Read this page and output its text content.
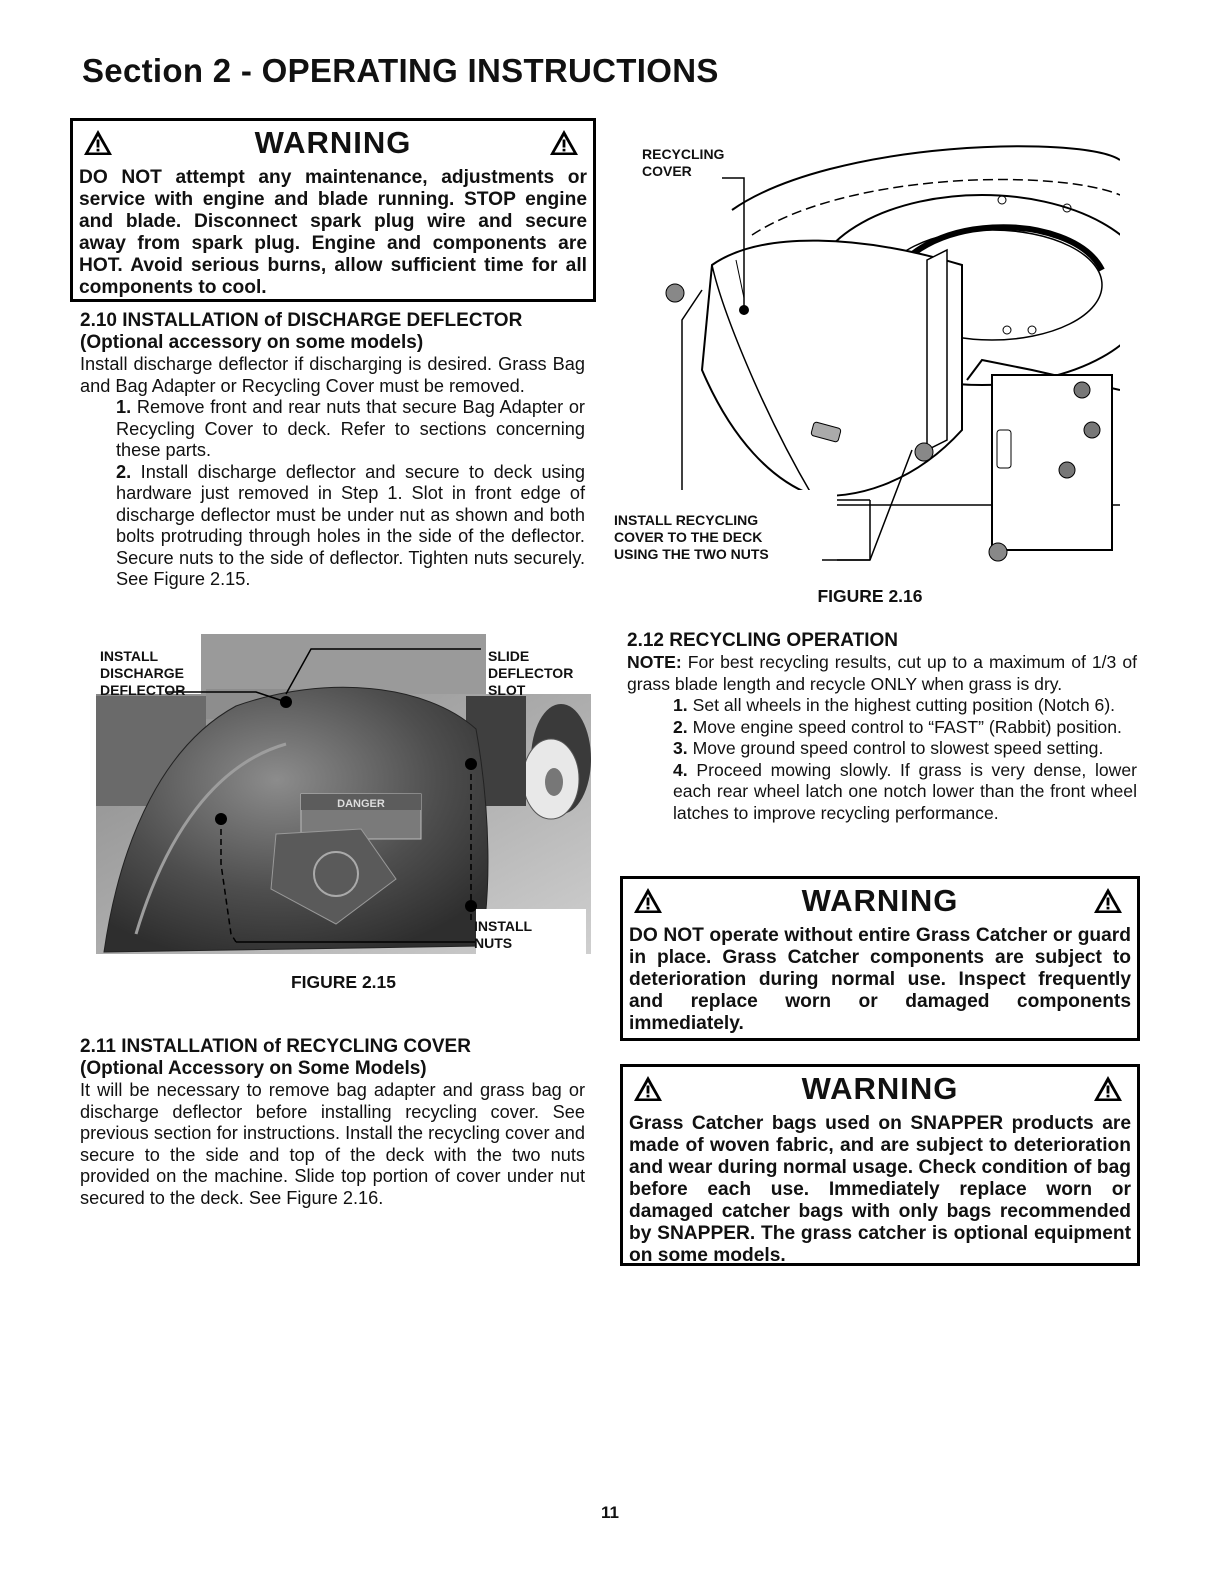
Section 2 - OPERATING INSTRUCTIONS
WARNING
DO NOT attempt any maintenance, adjustments or service with engine and blade running. STOP engine and blade. Disconnect spark plug wire and secure away from spark plug. Engine and components are HOT. Avoid serious burns, allow sufficient time for all components to cool.
2.10 INSTALLATION of DISCHARGE DEFLECTOR
(Optional accessory on some models)
Install discharge deflector if discharging is desired. Grass Bag and Bag Adapter or Recycling Cover must be removed.
1. Remove front and rear nuts that secure Bag Adapter or Recycling Cover to deck. Refer to sections concerning these parts.
2. Install discharge deflector and secure to deck using hardware just removed in Step 1. Slot in front edge of discharge deflector must be under nut as shown and both bolts protruding through holes in the side of the deflector. Secure nuts to the side of deflector. Tighten nuts securely. See Figure 2.15.
DANGER
INSTALL
DISCHARGE
DEFLECTOR
SLIDE
DEFLECTOR
SLOT
INSTALL
NUTS
FIGURE 2.15
2.11 INSTALLATION of RECYCLING COVER
(Optional Accessory on Some Models)
It will be necessary to remove bag adapter and grass bag or discharge deflector before installing recycling cover. See previous section for instructions. Install the recycling cover and secure to the side and top of the deck with the two nuts provided on the machine. Slide top portion of cover under nut secured to the deck. See Figure 2.16.
RECYCLING
COVER
INSTALL RECYCLING
COVER TO THE DECK
USING THE TWO NUTS
FIGURE 2.16
2.12 RECYCLING OPERATION
NOTE: For best recycling results, cut up to a maximum of 1/3 of grass blade length and recycle ONLY when grass is dry.
1. Set all wheels in the highest cutting position (Notch 6).
2. Move engine speed control to “FAST” (Rabbit) position.
3. Move ground speed control to slowest speed setting.
4. Proceed mowing slowly. If grass is very dense, lower each rear wheel latch one notch lower than the front wheel latches to improve recycling performance.
WARNING
DO NOT operate without entire Grass Catcher or guard in place. Grass Catcher components are subject to deterioration during normal use. Inspect frequently and replace worn or damaged components immediately.
WARNING
Grass Catcher bags used on SNAPPER products are made of woven fabric, and are subject to deterioration and wear during normal usage. Check condition of bag before each use. Immediately replace worn or damaged catcher bags with only bags recommended by SNAPPER. The grass catcher is optional equipment on some models.
11
